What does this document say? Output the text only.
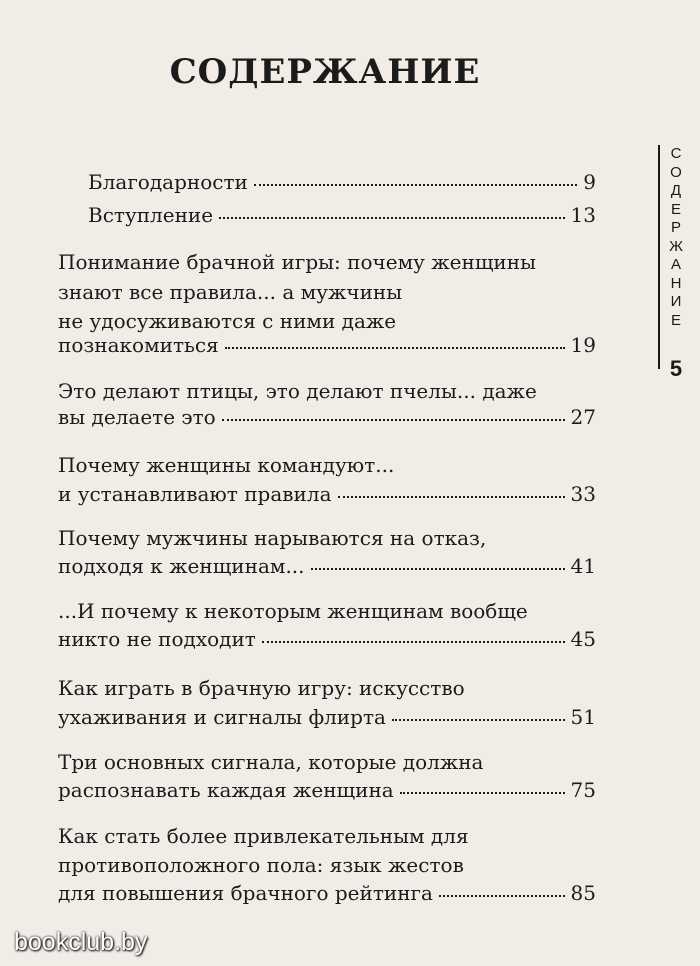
СОДЕРЖАНИЕ
С
О
Д
Е
Р
Ж
А
Н
И
Е
5
Благодарности	9
Вступление	13
Понимание брачной игры: почему женщины
знают все правила... а мужчины
не удосуживаются с ними даже
познакомиться	19
Это делают птицы, это делают пчелы... даже
вы делаете это	27
Почему женщины командуют...
и устанавливают правила	33
Почему мужчины нарываются на отказ,
подходя к женщинам...	41
...И почему к некоторым женщинам вообще
никто не подходит	45
Как играть в брачную игру: искусство
ухаживания и сигналы флирта	51
Три основных сигнала, которые должна
распознавать каждая женщина	75
Как стать более привлекательным для
противоположного пола: язык жестов
для повышения брачного рейтинга	85
bookclub.by
